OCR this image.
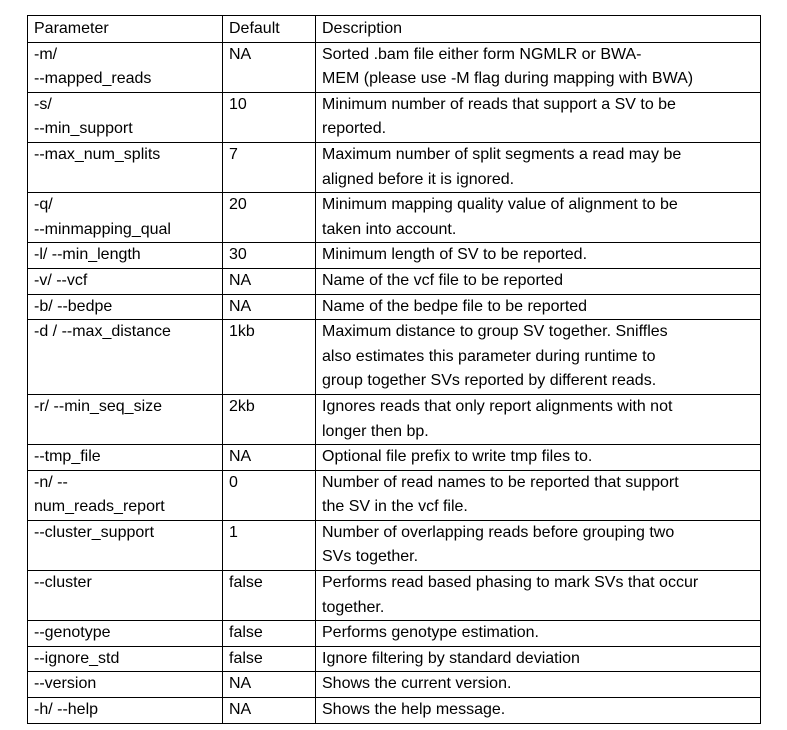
Parameter	Default	Description

-m/
--mapped_reads	NA	Sorted .bam file either form NGMLR or BWA-
MEM (please use -M flag during mapping with BWA)

-s/
--min_support	10	Minimum number of reads that support a SV to be
reported.

--max_num_splits	7	Maximum number of split segments a read may be
aligned before it is ignored.

-q/
--minmapping_qual	20	Minimum mapping quality value of alignment to be
taken into account.

-l/ --min_length	30	Minimum length of SV to be reported.

-v/ --vcf	NA	Name of the vcf file to be reported

-b/ --bedpe	NA	Name of the bedpe file to be reported

-d / --max_distance	1kb	Maximum distance to group SV together. Sniffles
also estimates this parameter during runtime to
group together SVs reported by different reads.

-r/ --min_seq_size	2kb	Ignores reads that only report alignments with not
longer then bp.

--tmp_file	NA	Optional file prefix to write tmp files to.

-n/ --
num_reads_report	0	Number of read names to be reported that support
the SV in the vcf file.

--cluster_support	1	Number of overlapping reads before grouping two
SVs together.

--cluster	false	Performs read based phasing to mark SVs that occur
together.

--genotype	false	Performs genotype estimation.

--ignore_std	false	Ignore filtering by standard deviation

--version	NA	Shows the current version.

-h/ --help	NA	Shows the help message.
